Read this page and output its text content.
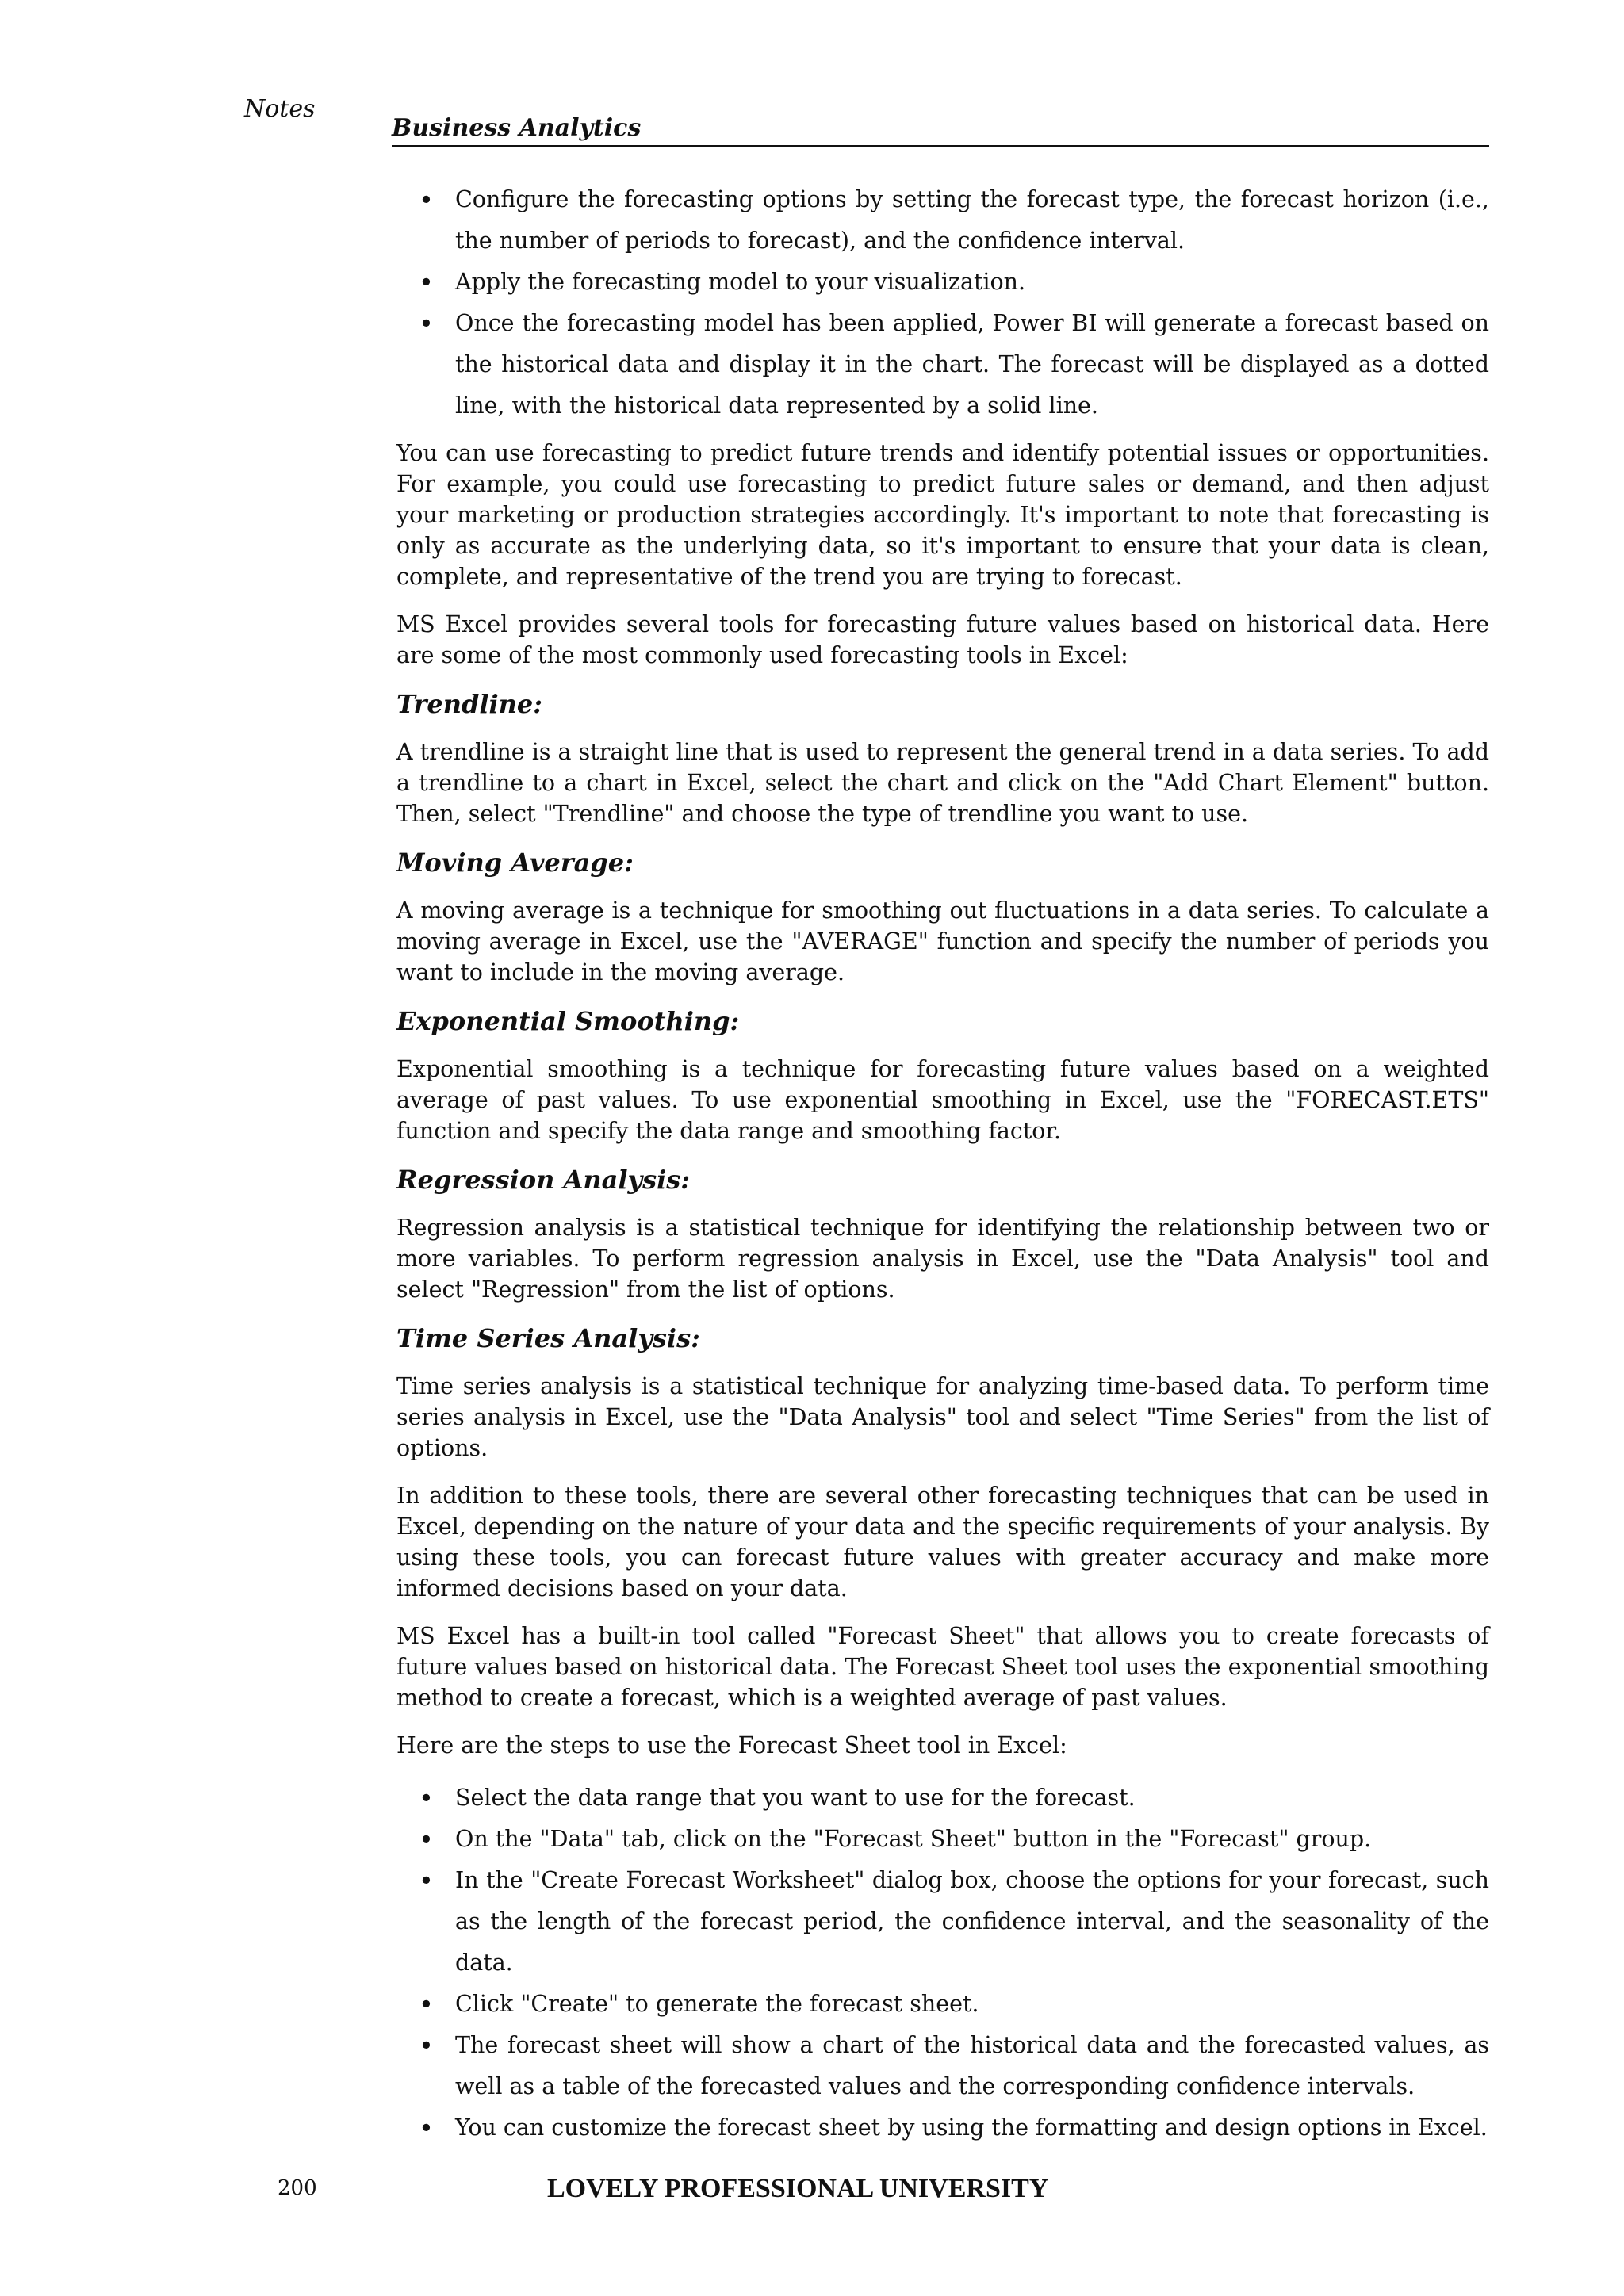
Notes
Business Analytics
• Configure the forecasting options by setting the forecast type, the forecast horizon (i.e., the number of periods to forecast), and the confidence interval.
• Apply the forecasting model to your visualization.
• Once the forecasting model has been applied, Power BI will generate a forecast based on the historical data and display it in the chart. The forecast will be displayed as a dotted line, with the historical data represented by a solid line.

You can use forecasting to predict future trends and identify potential issues or opportunities. For example, you could use forecasting to predict future sales or demand, and then adjust your marketing or production strategies accordingly. It's important to note that forecasting is only as accurate as the underlying data, so it's important to ensure that your data is clean, complete, and representative of the trend you are trying to forecast.

MS Excel provides several tools for forecasting future values based on historical data. Here are some of the most commonly used forecasting tools in Excel:

Trendline:

A trendline is a straight line that is used to represent the general trend in a data series. To add a trendline to a chart in Excel, select the chart and click on the "Add Chart Element" button. Then, select "Trendline" and choose the type of trendline you want to use.

Moving Average:

A moving average is a technique for smoothing out fluctuations in a data series. To calculate a moving average in Excel, use the "AVERAGE" function and specify the number of periods you want to include in the moving average.

Exponential Smoothing:

Exponential smoothing is a technique for forecasting future values based on a weighted average of past values. To use exponential smoothing in Excel, use the "FORECAST.ETS" function and specify the data range and smoothing factor.

Regression Analysis:

Regression analysis is a statistical technique for identifying the relationship between two or more variables. To perform regression analysis in Excel, use the "Data Analysis" tool and select "Regression" from the list of options.

Time Series Analysis:

Time series analysis is a statistical technique for analyzing time-based data. To perform time series analysis in Excel, use the "Data Analysis" tool and select "Time Series" from the list of options.

In addition to these tools, there are several other forecasting techniques that can be used in Excel, depending on the nature of your data and the specific requirements of your analysis. By using these tools, you can forecast future values with greater accuracy and make more informed decisions based on your data.

MS Excel has a built-in tool called "Forecast Sheet" that allows you to create forecasts of future values based on historical data. The Forecast Sheet tool uses the exponential smoothing method to create a forecast, which is a weighted average of past values.

Here are the steps to use the Forecast Sheet tool in Excel:

• Select the data range that you want to use for the forecast.
• On the "Data" tab, click on the "Forecast Sheet" button in the "Forecast" group.
• In the "Create Forecast Worksheet" dialog box, choose the options for your forecast, such as the length of the forecast period, the confidence interval, and the seasonality of the data.
• Click "Create" to generate the forecast sheet.
• The forecast sheet will show a chart of the historical data and the forecasted values, as well as a table of the forecasted values and the corresponding confidence intervals.
• You can customize the forecast sheet by using the formatting and design options in Excel.
200	LOVELY PROFESSIONAL UNIVERSITY
